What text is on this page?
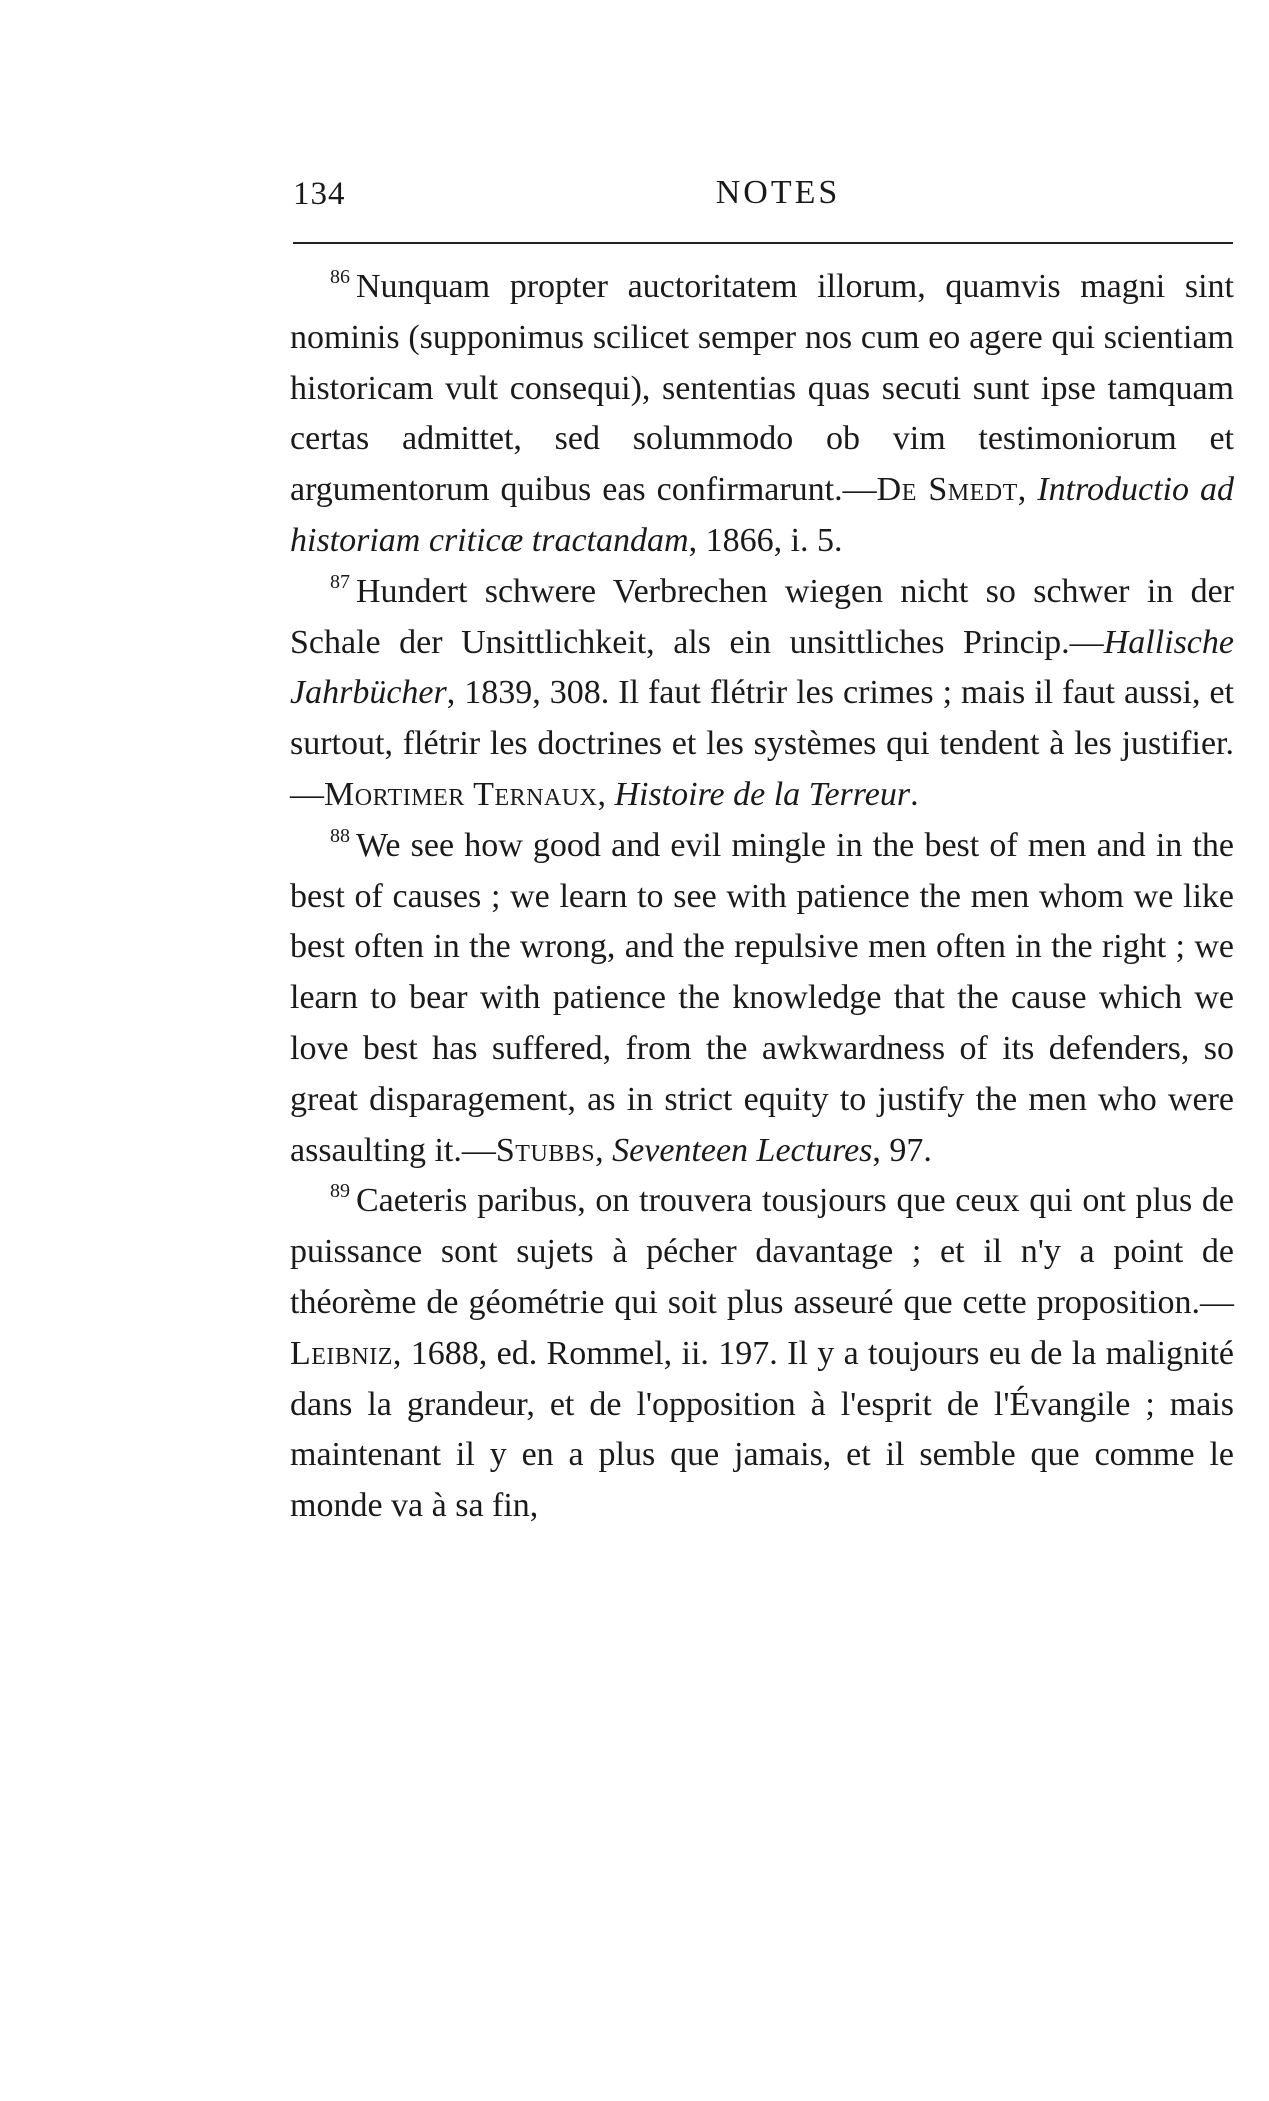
134	NOTES

$^{86}$ Nunquam propter auctoritatem illorum, quamvis magni sint nominis (supponimus scilicet semper nos cum eo agere qui scientiam historicam vult consequi), sententias quas secuti sunt ipse tamquam certas admittet, sed solummodo ob vim testimoniorum et argumentorum quibus eas confirmarunt.—De Smedt, Introductio ad historiam criticæ tractandam, 1866, i. 5.

$^{87}$ Hundert schwere Verbrechen wiegen nicht so schwer in der Schale der Unsittlichkeit, als ein unsittliches Princip.—Hallische Jahrbücher, 1839, 308. Il faut flétrir les crimes ; mais il faut aussi, et surtout, flétrir les doctrines et les systèmes qui tendent à les justifier.—Mortimer Ternaux, Histoire de la Terreur.

$^{88}$ We see how good and evil mingle in the best of men and in the best of causes ; we learn to see with patience the men whom we like best often in the wrong, and the repulsive men often in the right ; we learn to bear with patience the knowledge that the cause which we love best has suffered, from the awkwardness of its defenders, so great disparagement, as in strict equity to justify the men who were assaulting it.—Stubbs, Seventeen Lectures, 97.

$^{89}$ Caeteris paribus, on trouvera tousjours que ceux qui ont plus de puissance sont sujets à pécher davantage ; et il n'y a point de théorème de géométrie qui soit plus asseuré que cette proposition.—Leibniz, 1688, ed. Rommel, ii. 197. Il y a toujours eu de la malignité dans la grandeur, et de l'opposition à l'esprit de l'Évangile ; mais maintenant il y en a plus que jamais, et il semble que comme le monde va à sa fin,
